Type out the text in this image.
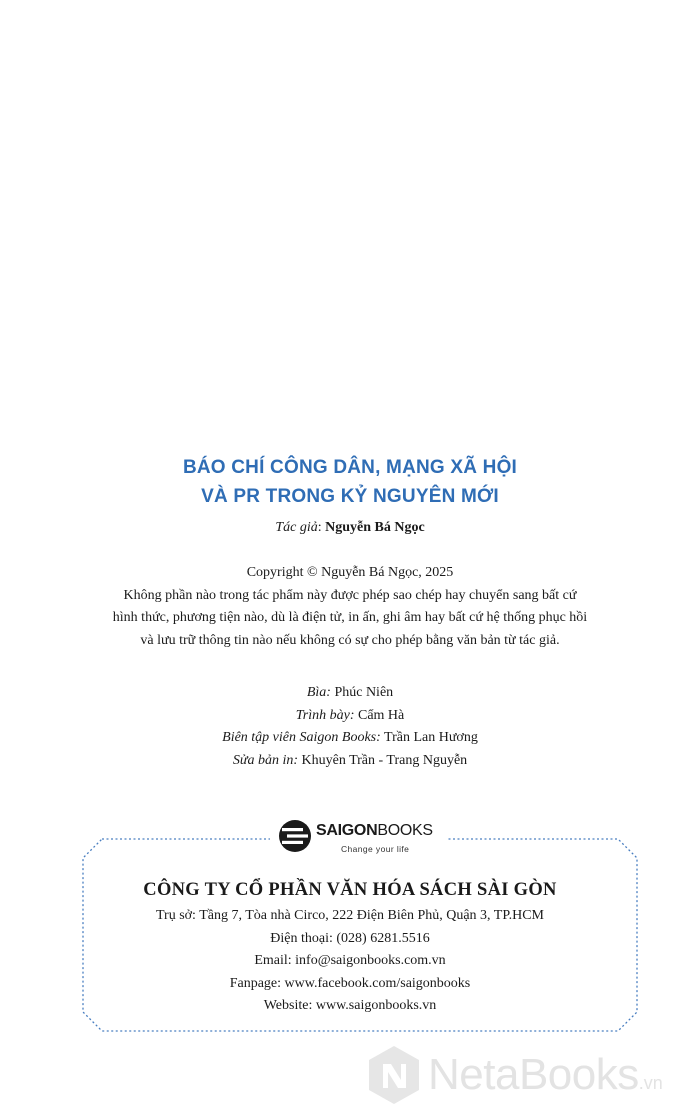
BÁO CHÍ CÔNG DÂN, MẠNG XÃ HỘI
VÀ PR TRONG KỶ NGUYÊN MỚI
Tác giả: Nguyễn Bá Ngọc
Copyright © Nguyễn Bá Ngọc, 2025
Không phần nào trong tác phẩm này được phép sao chép hay chuyển sang bất cứ
hình thức, phương tiện nào, dù là điện tử, in ấn, ghi âm hay bất cứ hệ thống phục hồi
và lưu trữ thông tin nào nếu không có sự cho phép bằng văn bản từ tác giả.
Bìa: Phúc Niên
Trình bày: Cẩm Hà
Biên tập viên Saigon Books: Trần Lan Hương
Sửa bản in: Khuyên Trần - Trang Nguyễn
SAIGONBOOKS
Change your life
CÔNG TY CỔ PHẦN VĂN HÓA SÁCH SÀI GÒN
Trụ sở: Tầng 7, Tòa nhà Circo, 222 Điện Biên Phủ, Quận 3, TP.HCM
Điện thoại: (028) 6281.5516
Email: info@saigonbooks.com.vn
Fanpage: www.facebook.com/saigonbooks
Website: www.saigonbooks.vn
NetaBooks.vn
